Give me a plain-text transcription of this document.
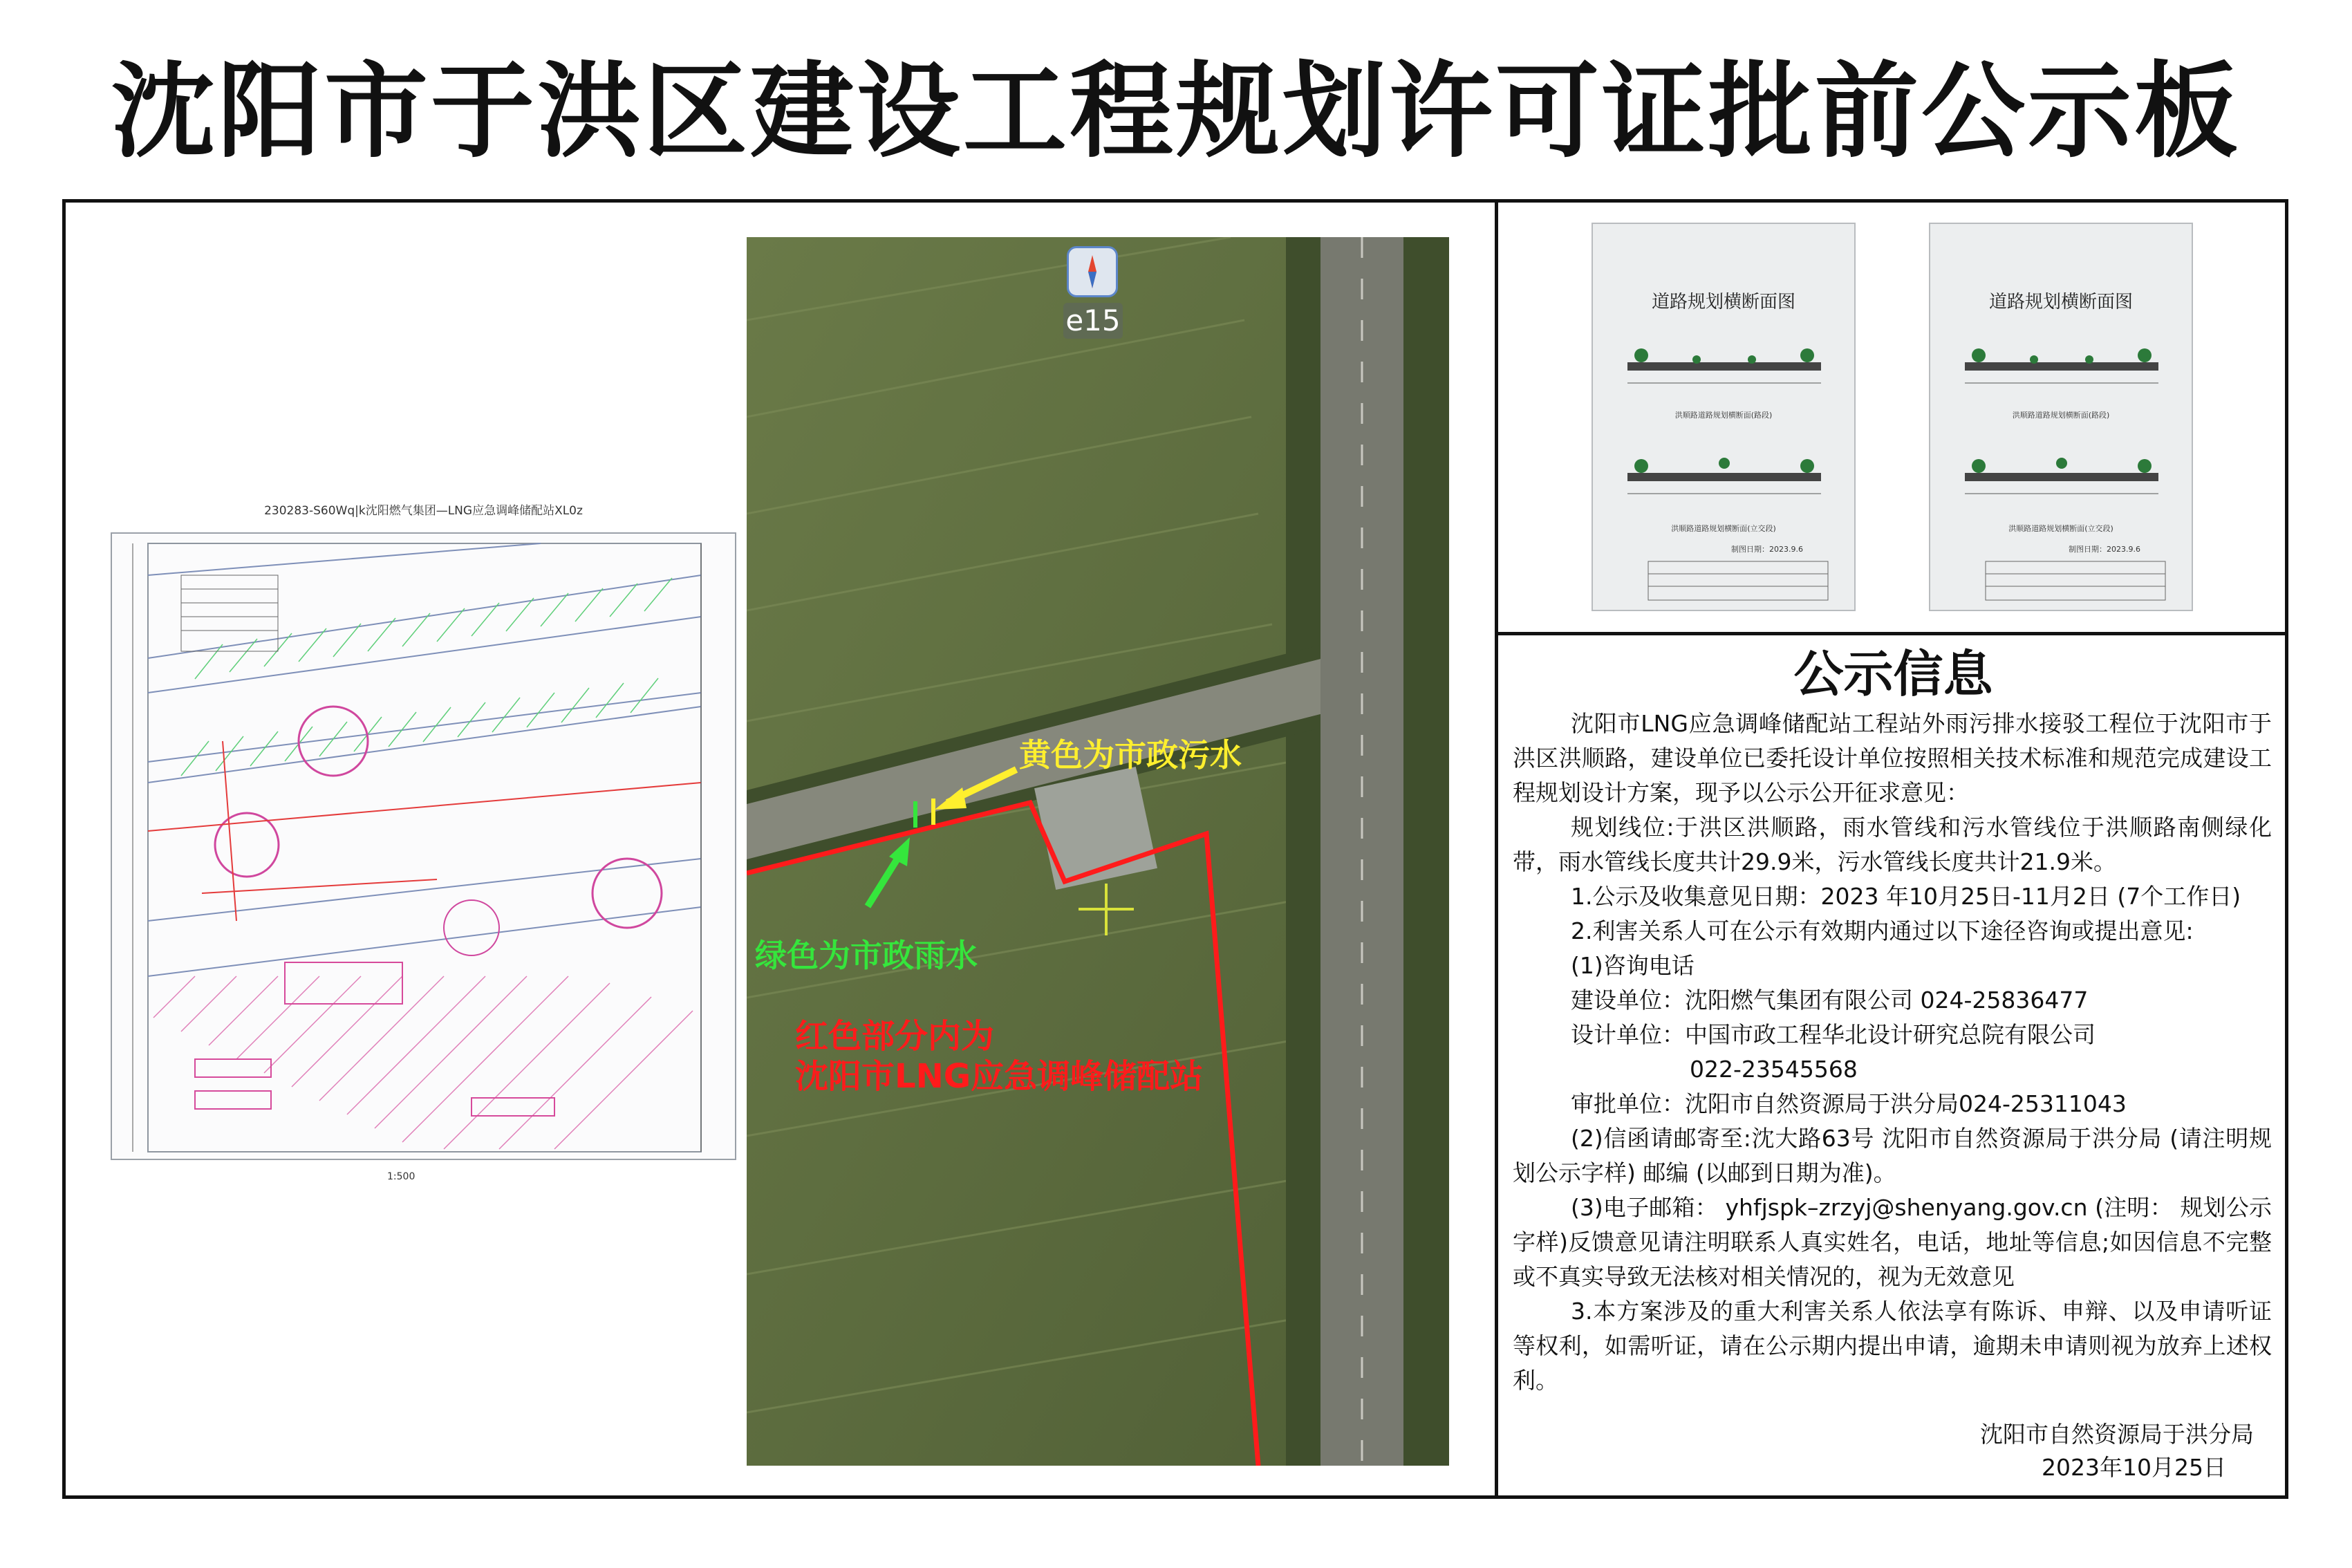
沈阳市于洪区建设工程规划许可证批前公示板
230283-S60Wq|k沈阳燃气集团—LNG应急调峰储配站XL0z
1:500
e15
黄色为市政污水
绿色为市政雨水
红色部分内为
沈阳市LNG应急调峰储配站
道路规划横断面图
洪顺路道路规划横断面(路段)
洪顺路道路规划横断面(立交段)
制图日期：2023.9.6
道路规划横断面图
洪顺路道路规划横断面(路段)
洪顺路道路规划横断面(立交段)
制图日期：2023.9.6
公示信息

沈阳市LNG应急调峰储配站工程站外雨污排水接驳工程位于沈阳市于洪区洪顺路，建设单位已委托设计单位按照相关技术标准和规范完成建设工程规划设计方案，现予以公示公开征求意见：

规划线位:于洪区洪顺路，雨水管线和污水管线位于洪顺路南侧绿化带，雨水管线长度共计29.9米，污水管线长度共计21.9米。

1.公示及收集意见日期：2023 年10月25日-11月2日 (7个工作日)

2.利害关系人可在公示有效期内通过以下途径咨询或提出意见:

(1)咨询电话

建设单位：沈阳燃气集团有限公司 024-25836477

设计单位：中国市政工程华北设计研究总院有限公司

022-23545568

审批单位：沈阳市自然资源局于洪分局024-25311043

(2)信函请邮寄至:沈大路63号 沈阳市自然资源局于洪分局 (请注明规划公示字样) 邮编 (以邮到日期为准)。

(3)电子邮箱： yhfjspk–zrzyj@shenyang.gov.cn (注明： 规划公示字样)反馈意见请注明联系人真实姓名，电话，地址等信息;如因信息不完整或不真实导致无法核对相关情况的，视为无效意见

3.本方案涉及的重大利害关系人依法享有陈诉、申辩、以及申请听证等权利，如需听证，请在公示期内提出申请，逾期未申请则视为放弃上述权利。

沈阳市自然资源局于洪分局
2023年10月25日
